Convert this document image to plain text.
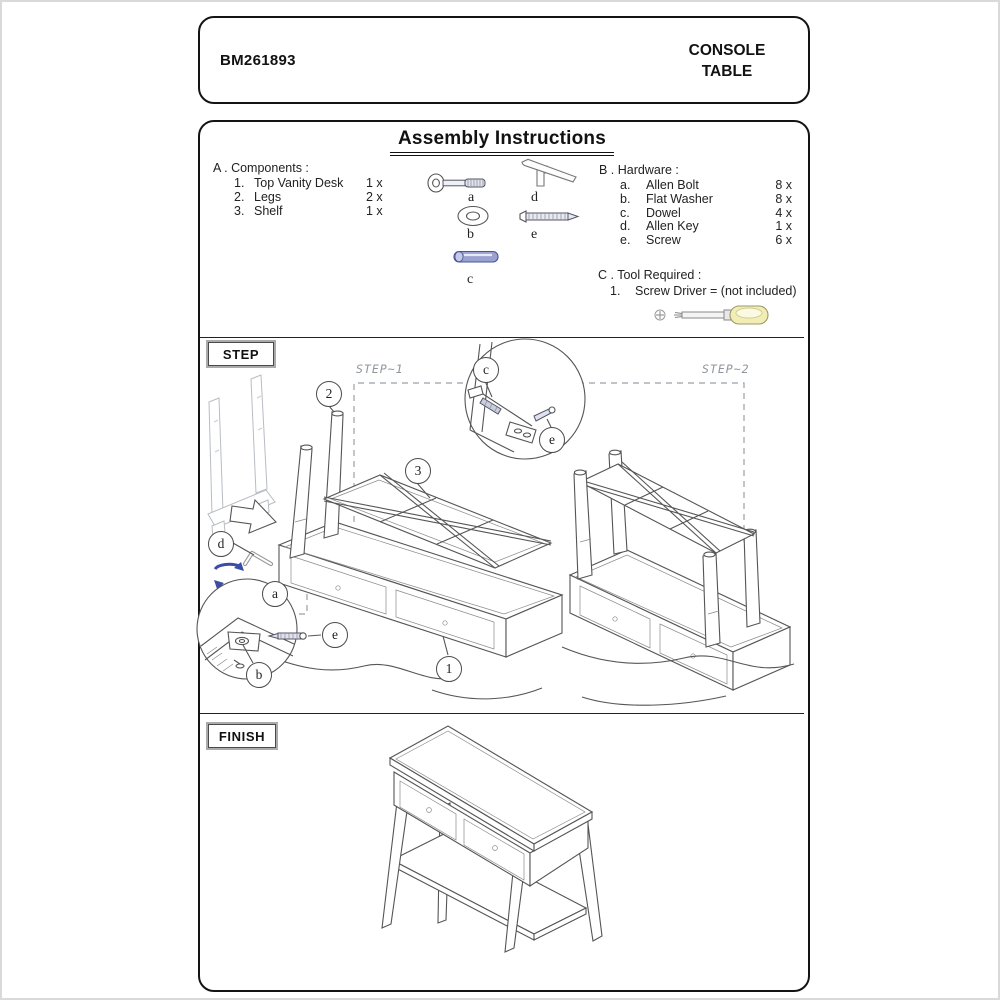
BM261893
CONSOLE TABLE
Assembly Instructions
A . Components :
1. Top Vanity Desk	1 x
2. Legs	2 x
3. Shelf	1 x
a	d
b	e
c
B . Hardware :
a.	Allen Bolt	8 x
b.	Flat Washer	8 x
c.	Dowel	4 x
d.	Allen Key	1 x
e.	Screw	6 x
C . Tool Required :
1.	Screw Driver = (not included)
STEP
STEP~1	STEP~2
c
e
2
3
d
a
b
e
1
FINISH
